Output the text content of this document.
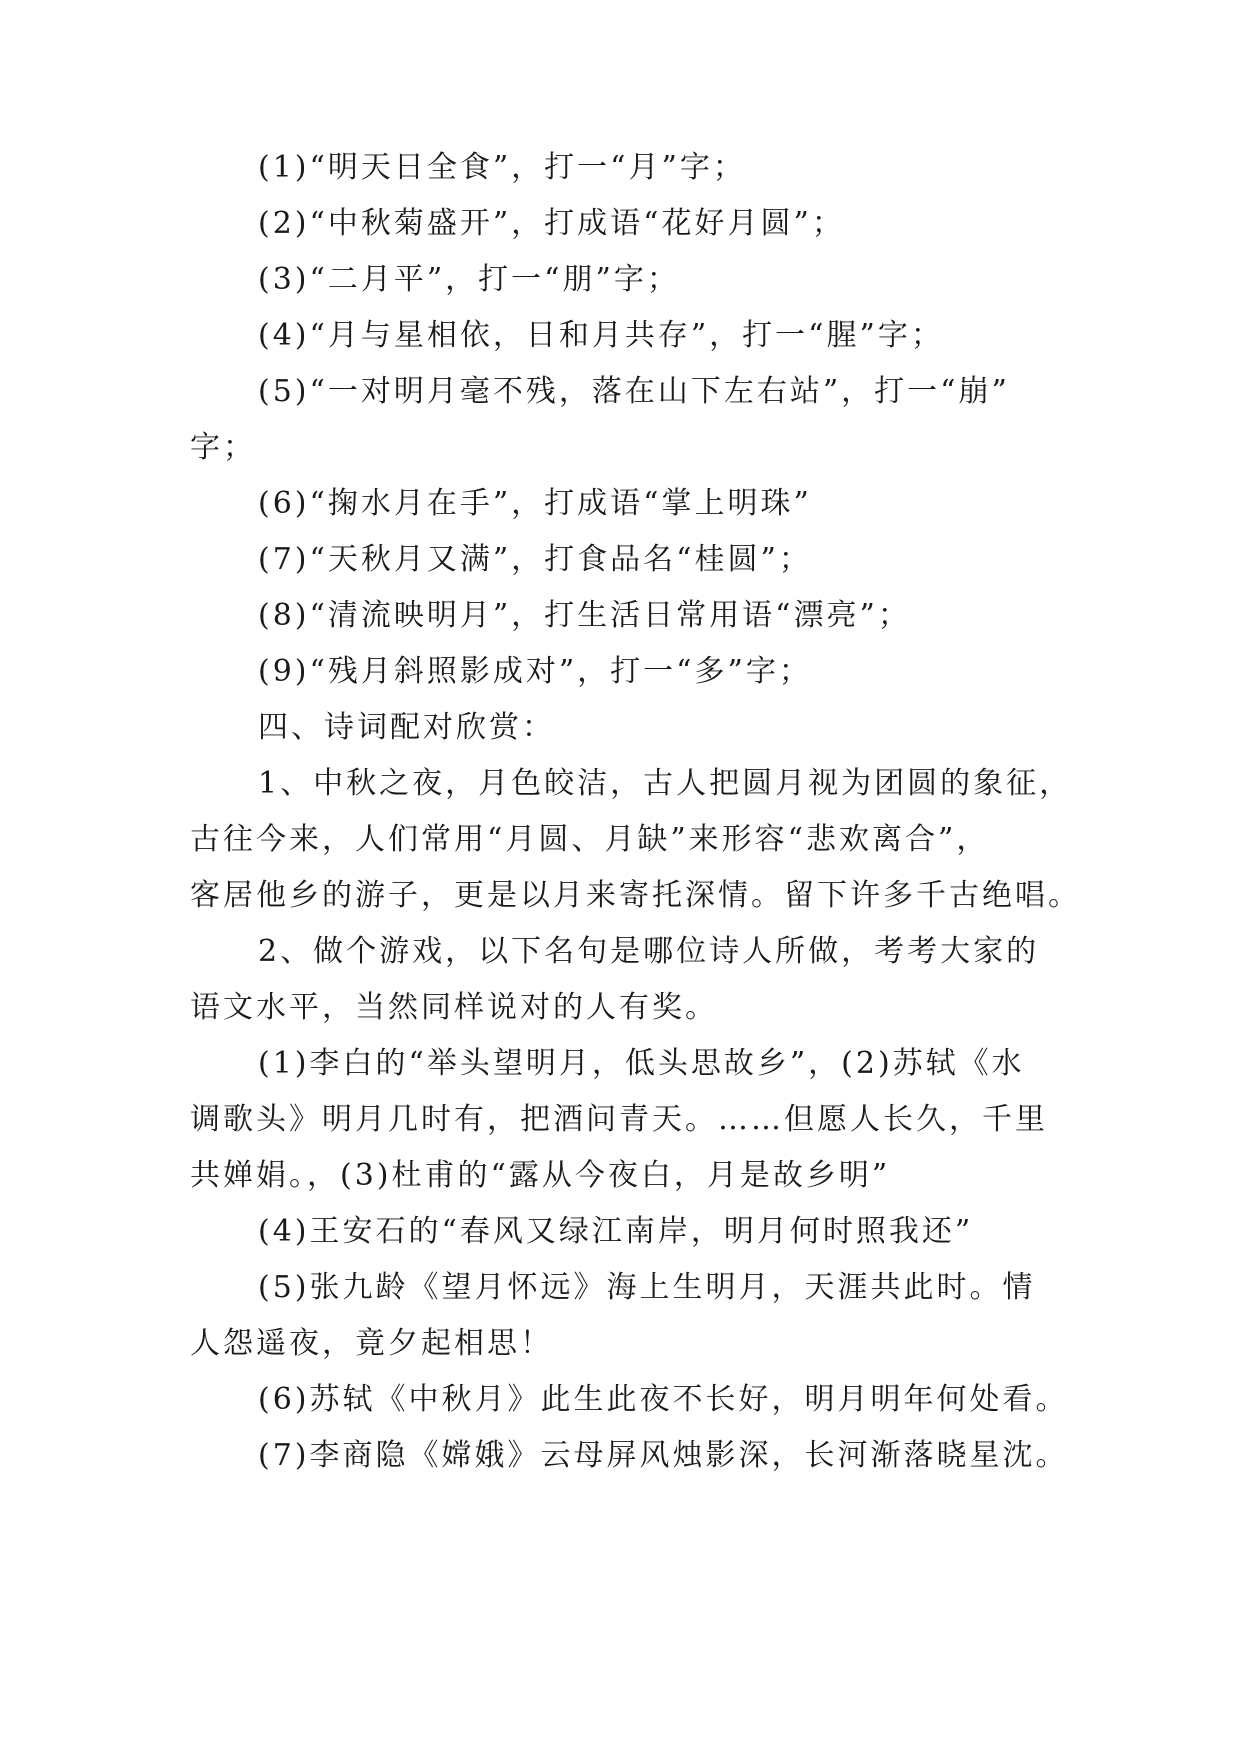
(1)“明天日全食”，打一“月”字；
(2)“中秋菊盛开”，打成语“花好月圆”；
(3)“二月平”，打一“朋”字；
(4)“月与星相依，日和月共存”，打一“腥”字；
(5)“一对明月毫不残，落在山下左右站”，打一“崩”
字；
(6)“掬水月在手”，打成语“掌上明珠”
(7)“天秋月又满”，打食品名“桂圆”；
(8)“清流映明月”，打生活日常用语“漂亮”；
(9)“残月斜照影成对”，打一“多”字；
四、诗词配对欣赏：
1、中秋之夜，月色皎洁，古人把圆月视为团圆的象征，
古往今来，人们常用“月圆、月缺”来形容“悲欢离合”，
客居他乡的游子，更是以月来寄托深情。留下许多千古绝唱。
2、做个游戏，以下名句是哪位诗人所做，考考大家的
语文水平，当然同样说对的人有奖。
(1)李白的“举头望明月，低头思故乡”，(2)苏轼《水
调歌头》明月几时有，把酒问青天。……但愿人长久，千里
共婵娟。，(3)杜甫的“露从今夜白，月是故乡明”
(4)王安石的“春风又绿江南岸，明月何时照我还”
(5)张九龄《望月怀远》海上生明月，天涯共此时。情
人怨遥夜，竟夕起相思！
(6)苏轼《中秋月》此生此夜不长好，明月明年何处看。
(7)李商隐《嫦娥》云母屏风烛影深，长河渐落晓星沈。
